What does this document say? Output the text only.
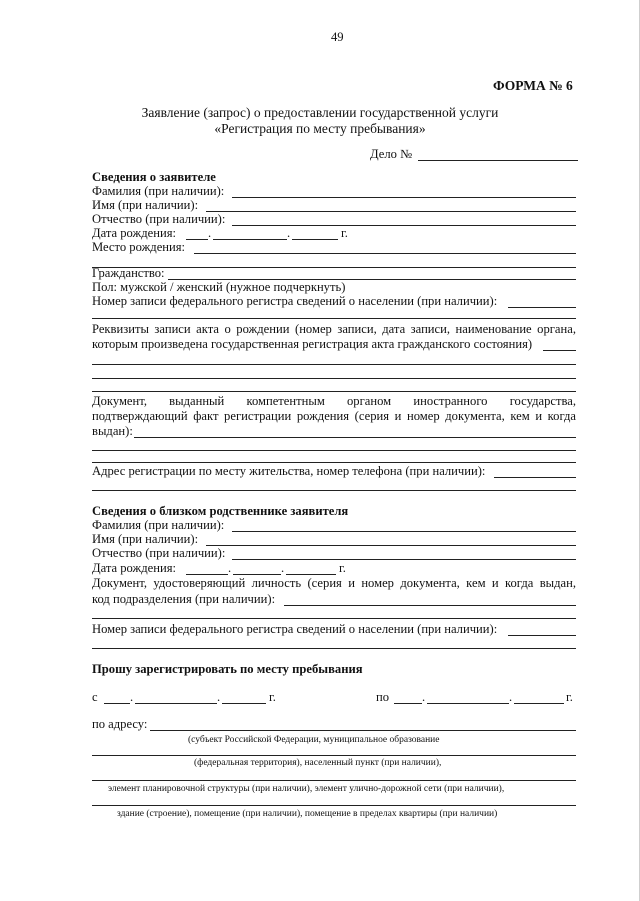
49
ФОРМА № 6
Заявление (запрос) о предоставлении государственной услуги
«Регистрация по месту пребывания»
Дело №
Сведения о заявителе
Фамилия (при наличии):
Имя (при наличии):
Отчество (при наличии):
Дата рождения:	.	.	г.
Место рождения:
Гражданство:
Пол: мужской / женский (нужное подчеркнуть)
Номер записи федерального регистра сведений о населении (при наличии):
Реквизиты записи акта о рождении (номер записи, дата записи, наименование органа,
которым произведена государственная регистрация акта гражданского состояния)
Документ, выданный компетентным органом иностранного государства,
подтверждающий факт регистрации рождения (серия и номер документа, кем и когда
выдан):
Адрес регистрации по месту жительства, номер телефона (при наличии):
Сведения о близком родственнике заявителя
Фамилия (при наличии):
Имя (при наличии):
Отчество (при наличии):
Дата рождения:	.	.	г.
Документ, удостоверяющий личность (серия и номер документа, кем и когда выдан,
код подразделения (при наличии):
Номер записи федерального регистра сведений о населении (при наличии):
Прошу зарегистрировать по месту пребывания
с	.	.	г.	по	.	.	г.
по адресу:
(субъект Российской Федерации, муниципальное образование
(федеральная территория), населенный пункт (при наличии),
элемент планировочной структуры (при наличии), элемент улично-дорожной сети (при наличии),
здание (строение), помещение (при наличии), помещение в пределах квартиры (при наличии)
